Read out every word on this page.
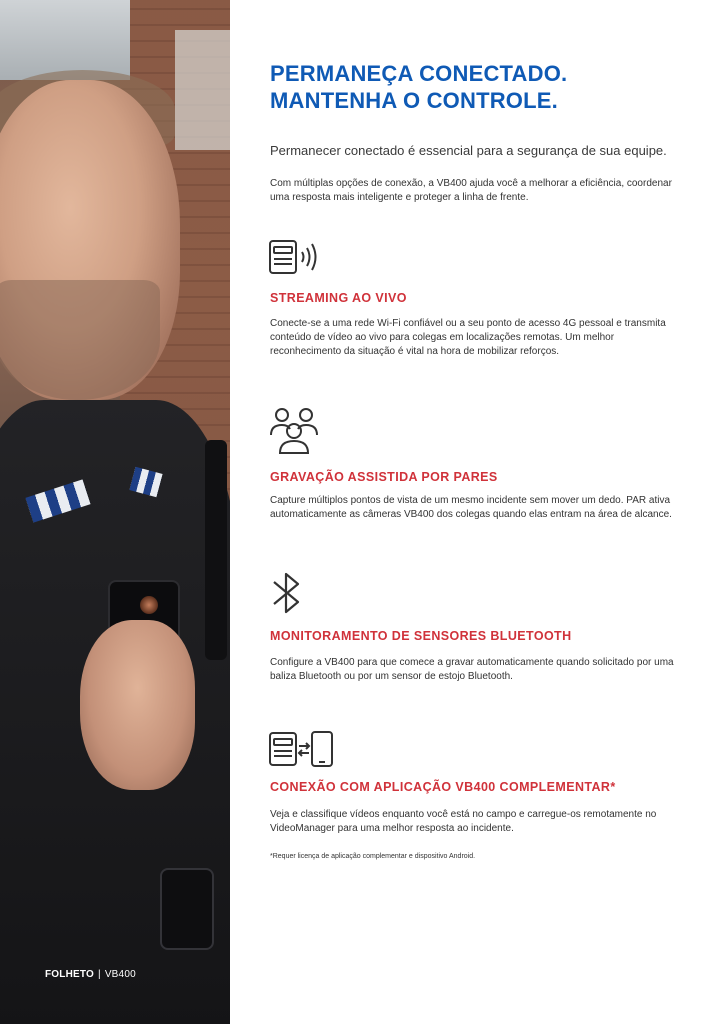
FOLHETO | VB400
PERMANEÇA CONECTADO.
MANTENHA O CONTROLE.

Permanecer conectado é essencial para a segurança de sua equipe.

Com múltiplas opções de conexão, a VB400 ajuda você a melhorar a eficiência, coordenar uma resposta mais inteligente e proteger a linha de frente.

STREAMING AO VIVO

Conecte-se a uma rede Wi-Fi confiável ou a seu ponto de acesso 4G pessoal e transmita conteúdo de vídeo ao vivo para colegas em localizações remotas. Um melhor reconhecimento da situação é vital na hora de mobilizar reforços.

GRAVAÇÃO ASSISTIDA POR PARES

Capture múltiplos pontos de vista de um mesmo incidente sem mover um dedo. PAR ativa automaticamente as câmeras VB400 dos colegas quando elas entram na área de alcance.

MONITORAMENTO DE SENSORES BLUETOOTH

Configure a VB400 para que comece a gravar automaticamente quando solicitado por uma baliza Bluetooth ou por um sensor de estojo Bluetooth.

CONEXÃO COM APLICAÇÃO VB400 COMPLEMENTAR*

Veja e classifique vídeos enquanto você está no campo e carregue-os remotamente no VideoManager para uma melhor resposta ao incidente.

*Requer licença de aplicação complementar e dispositivo Android.
